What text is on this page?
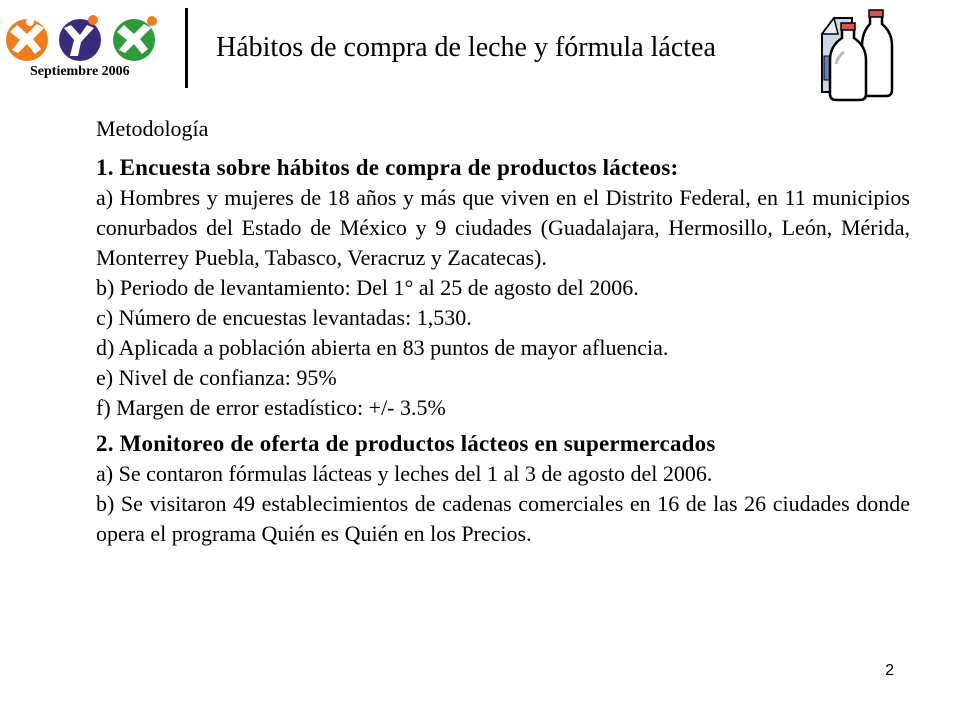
Septiembre 2006
Hábitos de compra de leche y fórmula láctea
Metodología
1. Encuesta sobre hábitos de compra de productos lácteos:

a) Hombres y mujeres de 18 años y más que viven en el Distrito Federal, en 11 municipios conurbados del Estado de México y 9 ciudades (Guadalajara, Hermosillo, León, Mérida, Monterrey Puebla, Tabasco, Veracruz y Zacatecas).

b) Periodo de levantamiento: Del 1° al 25 de agosto del 2006.

c) Número de encuestas levantadas: 1,530.

d) Aplicada a población abierta en 83 puntos de mayor afluencia.

e) Nivel de confianza: 95%

f) Margen de error estadístico: +/- 3.5%

2. Monitoreo de oferta de productos lácteos en supermercados

a) Se contaron fórmulas lácteas y leches del 1 al 3 de agosto del 2006.

b) Se visitaron 49 establecimientos de cadenas comerciales en 16 de las 26 ciudades donde opera el programa Quién es Quién en los Precios.

2
